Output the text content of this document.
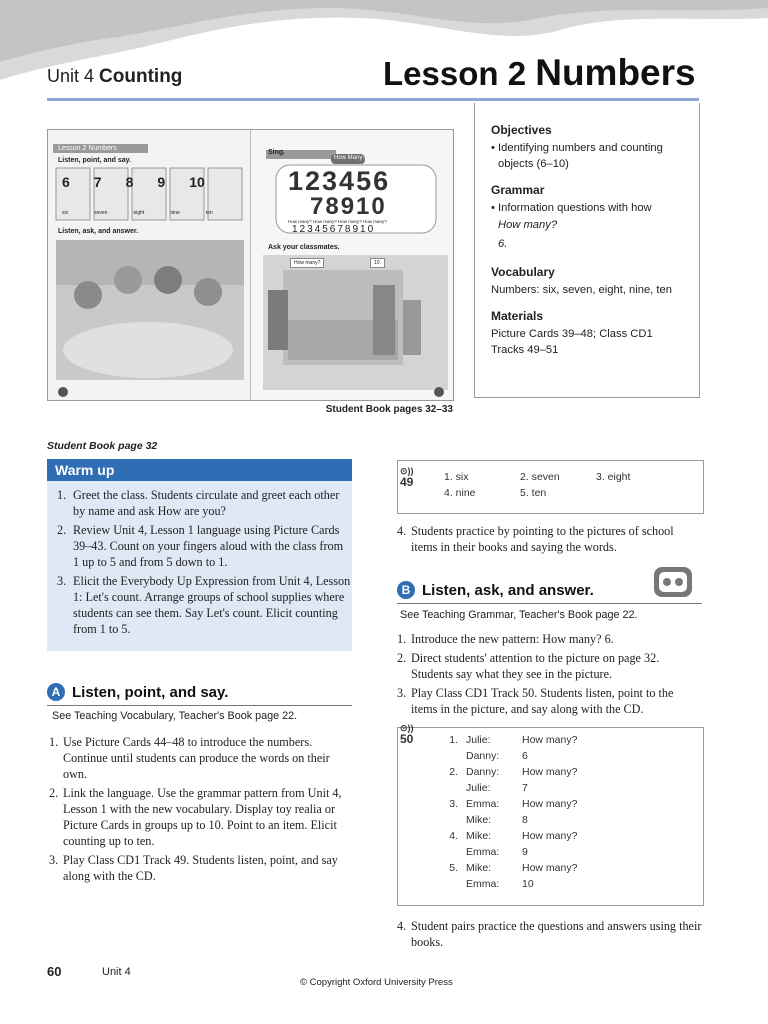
Unit 4 Counting	Lesson 2 Numbers
Lesson 2 Numbers
Listen, point, and say.
6 7 8 9 10
six	seven	eight	nine	ten
Listen, ask, and answer.
Sing.
How Many?
123456
78910
How many? How many? How many? How many?
12345678910
Ask your classmates.
How many?	10.
Student Book pages 32–33
Objectives

• Identifying numbers and counting

objects (6–10)

Grammar

• Information questions with how

How many?

6.

Vocabulary

Numbers: six, seven, eight, nine, ten

Materials

Picture Cards 39–48; Class CD1

Tracks 49–51

Student Book page 32
Warm up
1. Greet the class. Students circulate and greet each other by name and ask How are you?
2. Review Unit 4, Lesson 1 language using Picture Cards 39–43. Count on your fingers aloud with the class from 1 up to 5 and from 5 down to 1.
3. Elicit the Everybody Up Expression from Unit 4, Lesson 1: Let's count. Arrange groups of school supplies where students can see them. Say Let's count. Elicit counting from 1 to 5.
A Listen, point, and say.
See Teaching Vocabulary, Teacher's Book page 22.
1. Use Picture Cards 44–48 to introduce the numbers. Continue until students can produce the words on their own.
2. Link the language. Use the grammar pattern from Unit 4, Lesson 1 with the new vocabulary. Display toy realia or Picture Cards in groups up to 10. Point to an item. Elicit counting up to ten.
3. Play Class CD1 Track 49. Students listen, point, and say along with the CD.
⊙))
49	1. six	2. seven	3. eight
4. nine	5. ten
4. Students practice by pointing to the pictures of school items in their books and saying the words.
B Listen, ask, and answer.
See Teaching Grammar, Teacher's Book page 22.
1. Introduce the new pattern: How many? 6.
2. Direct students' attention to the picture on page 32. Students say what they see in the picture.
3. Play Class CD1 Track 50. Students listen, point to the items in the picture, and say along with the CD.
⊙))
50	1.	Julie:	How many?
	Danny:	6
2.	Danny:	How many?
	Julie:	7
3.	Emma:	How many?
	Mike:	8
4.	Mike:	How many?
	Emma:	9
5.	Mike:	How many?
	Emma:	10
4. Student pairs practice the questions and answers using their books.
60	Unit 4
© Copyright Oxford University Press
